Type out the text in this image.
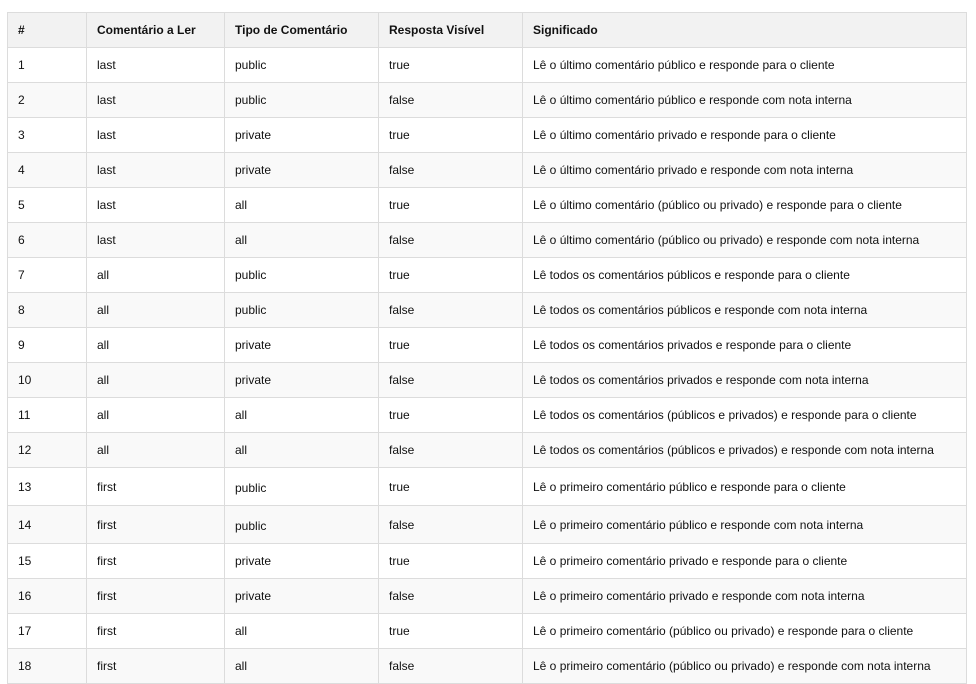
#	Comentário a Ler	Tipo de Comentário	Resposta Visível	Significado
1	last	public	true	Lê o último comentário público e responde para o cliente
2	last	public	false	Lê o último comentário público e responde com nota interna
3	last	private	true	Lê o último comentário privado e responde para o cliente
4	last	private	false	Lê o último comentário privado e responde com nota interna
5	last	all	true	Lê o último comentário (público ou privado) e responde para o cliente
6	last	all	false	Lê o último comentário (público ou privado) e responde com nota interna
7	all	public	true	Lê todos os comentários públicos e responde para o cliente
8	all	public	false	Lê todos os comentários públicos e responde com nota interna
9	all	private	true	Lê todos os comentários privados e responde para o cliente
10	all	private	false	Lê todos os comentários privados e responde com nota interna
11	all	all	true	Lê todos os comentários (públicos e privados) e responde para o cliente
12	all	all	false	Lê todos os comentários (públicos e privados) e responde com nota interna
13	first	public	true	Lê o primeiro comentário público e responde para o cliente
14	first	public	false	Lê o primeiro comentário público e responde com nota interna
15	first	private	true	Lê o primeiro comentário privado e responde para o cliente
16	first	private	false	Lê o primeiro comentário privado e responde com nota interna
17	first	all	true	Lê o primeiro comentário (público ou privado) e responde para o cliente
18	first	all	false	Lê o primeiro comentário (público ou privado) e responde com nota interna
